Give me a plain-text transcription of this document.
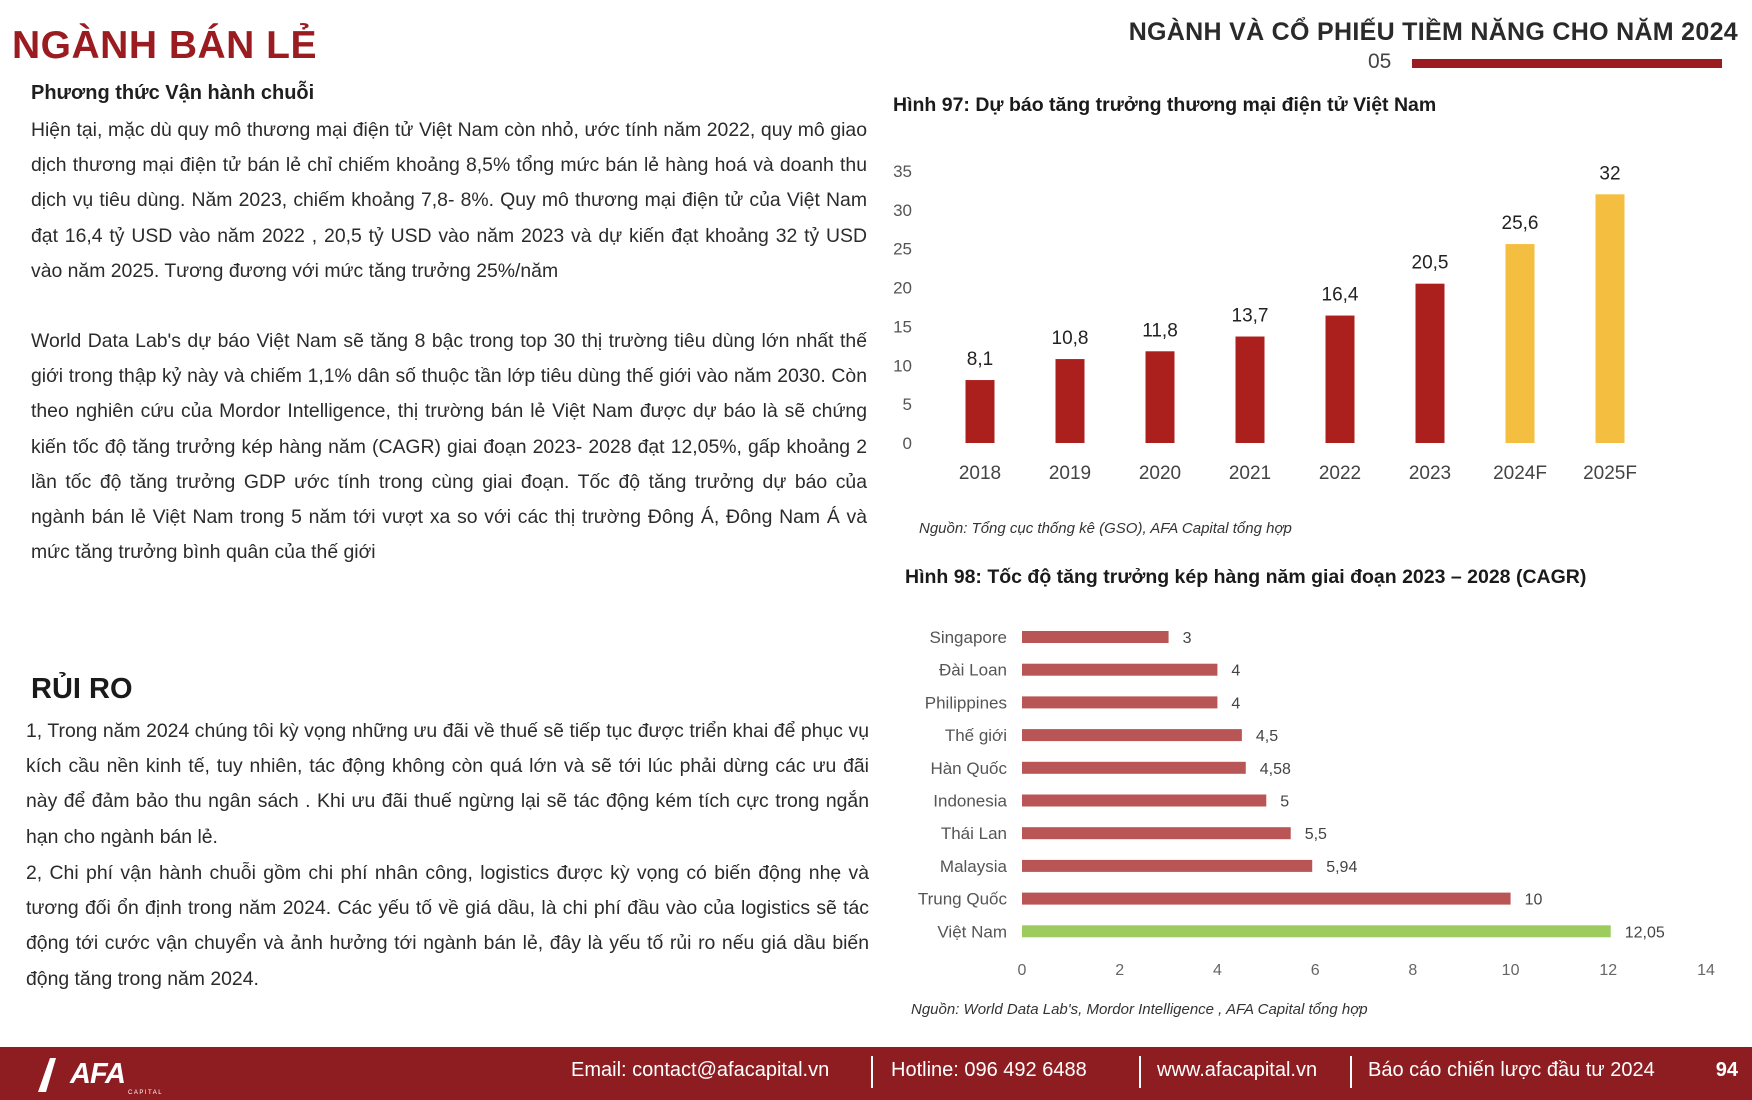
NGÀNH BÁN LẺ	NGÀNH VÀ CỔ PHIẾU TIỀM NĂNG CHO NĂM 2024
05
Phương thức Vận hành chuỗi

Hiện tại, mặc dù quy mô thương mại điện tử Việt Nam còn nhỏ, ước tính năm 2022, quy mô giao dịch thương mại điện tử bán lẻ chỉ chiếm khoảng 8,5% tổng mức bán lẻ hàng hoá và doanh thu dịch vụ tiêu dùng. Năm 2023, chiếm khoảng 7,8- 8%. Quy mô thương mại điện tử của Việt Nam đạt 16,4 tỷ USD vào năm 2022 , 20,5 tỷ USD vào năm 2023 và dự kiến đạt khoảng 32 tỷ USD vào năm 2025. Tương đương với mức tăng trưởng 25%/năm

World Data Lab's dự báo Việt Nam sẽ tăng 8 bậc trong top 30 thị trường tiêu dùng lớn nhất thế giới trong thập kỷ này và chiếm 1,1% dân số thuộc tần lớp tiêu dùng thế giới vào năm 2030. Còn theo nghiên cứu của Mordor Intelligence, thị trường bán lẻ Việt Nam được dự báo là sẽ chứng kiến tốc độ tăng trưởng kép hàng năm (CAGR) giai đoạn 2023- 2028 đạt 12,05%, gấp khoảng 2 lần tốc độ tăng trưởng GDP ước tính trong cùng giai đoạn. Tốc độ tăng trưởng dự báo của ngành bán lẻ Việt Nam trong 5 năm tới vượt xa so với các thị trường Đông Á, Đông Nam Á và mức tăng trưởng bình quân của thế giới

RỦI RO

1, Trong năm 2024 chúng tôi kỳ vọng những ưu đãi về thuế sẽ tiếp tục được triển khai để phục vụ kích cầu nền kinh tế, tuy nhiên, tác động không còn quá lớn và sẽ tới lúc phải dừng các ưu đãi này để đảm bảo thu ngân sách . Khi ưu đãi thuế ngừng lại sẽ tác động kém tích cực trong ngắn hạn cho ngành bán lẻ.

2, Chi phí vận hành chuỗi gồm chi phí nhân công, logistics được kỳ vọng có biến động nhẹ và tương đối ổn định trong năm 2024. Các yếu tố về giá dầu, là chi phí đầu vào của logistics sẽ tác động tới cước vận chuyển và ảnh hưởng tới ngành bán lẻ, đây là yếu tố rủi ro nếu giá dầu biến động tăng trong năm 2024.

Hình 97: Dự báo tăng trưởng thương mại điện tử Việt Nam
Nguồn: Tổng cục thống kê (GSO), AFA Capital tổng hợp
Hình 98: Tốc độ tăng trưởng kép hàng năm giai đoạn 2023 – 2028 (CAGR)
Nguồn: World Data Lab's, Mordor Intelligence , AFA Capital tổng hợp
0
5
10
15
20
25
30
35
8,1
2018
10,8
2019
11,8
2020
13,7
2021
16,4
2022
20,5
2023
25,6
2024F
32
2025F
Singapore	3
Đài Loan	4
Philippines	4
Thế giới	4,5
Hàn Quốc	4,58
Indonesia	5
Thái Lan	5,5
Malaysia	5,94
Trung Quốc	10
Việt Nam	12,05
0	2	4	6	8	10	12	14
AFA
CAPITAL
Email: contact@afacapital.vn	Hotline: 096 492 6488	www.afacapital.vn	Báo cáo chiến lược đầu tư 2024	94
